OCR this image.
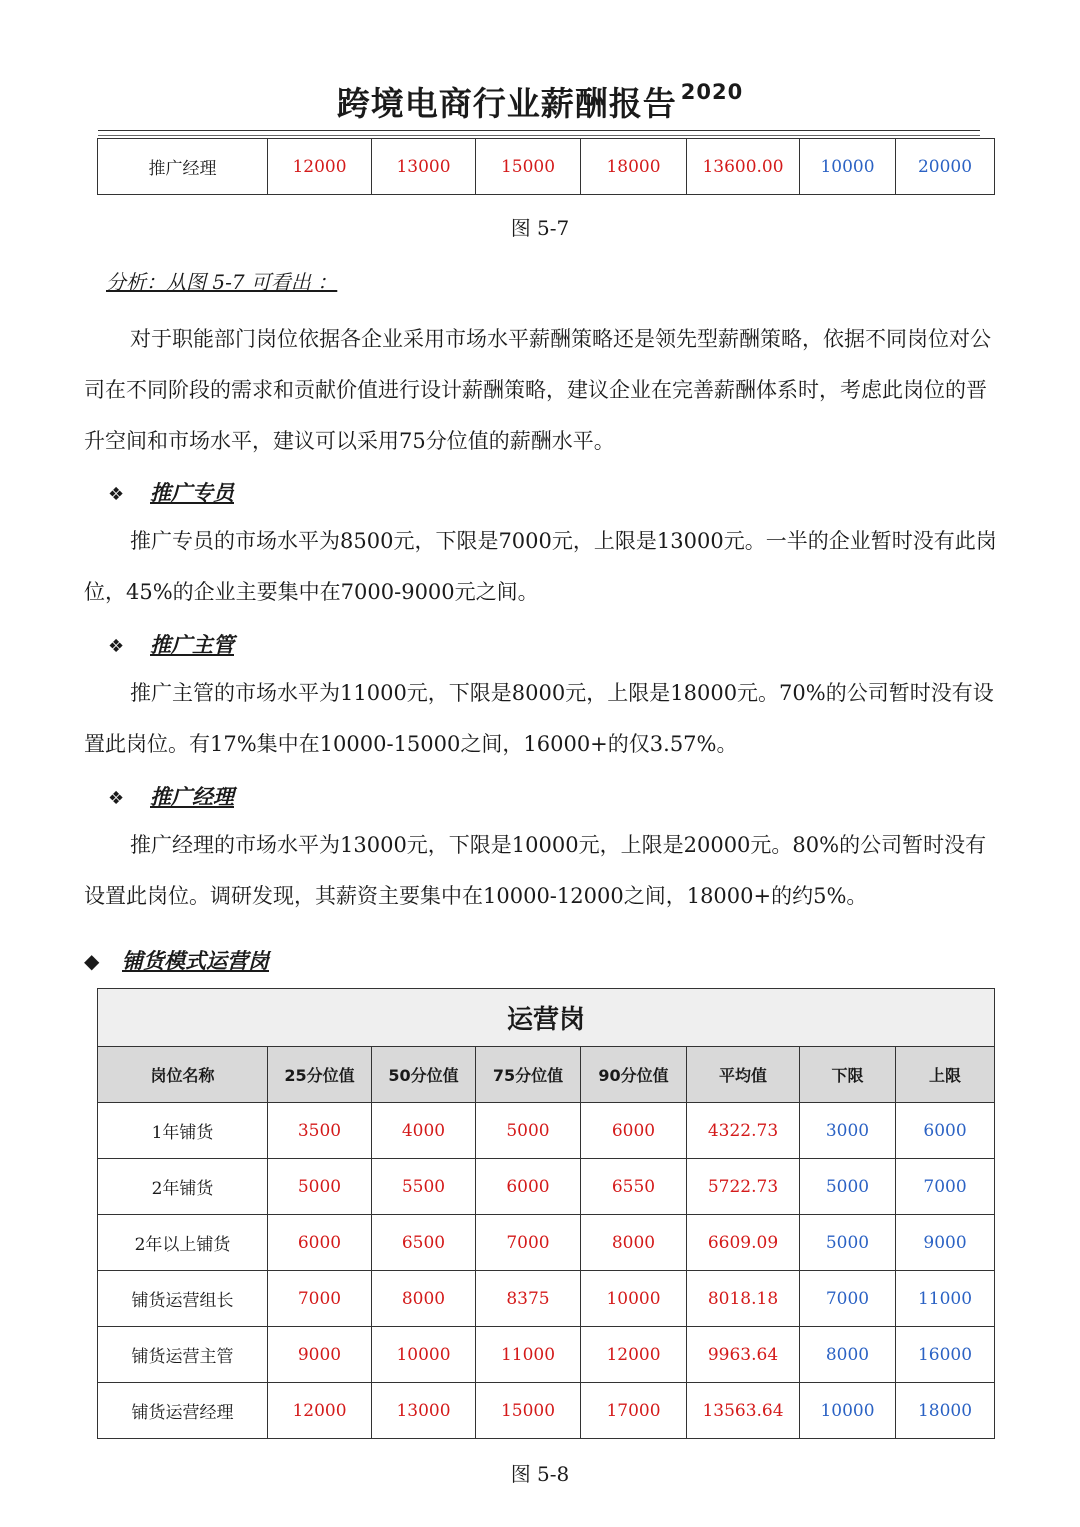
跨境电商行业薪酬报告 $^{2020}$
推广经理	12000	13000	15000	18000	13600.00	10000	20000
图 5-7
分析：从图 5-7 可看出 ：
对于职能部门岗位依据各企业采用市场水平薪酬策略还是领先型薪酬策略，依据不同岗位对公司在不同阶段的需求和贡献价值进行设计薪酬策略，建议企业在完善薪酬体系时，考虑此岗位的晋升空间和市场水平，建议可以采用75分位值的薪酬水平。
❖ 推广专员
推广专员的市场水平为8500元，下限是7000元，上限是13000元。一半的企业暂时没有此岗位，45%的企业主要集中在7000-9000元之间。
❖ 推广主管
推广主管的市场水平为11000元，下限是8000元，上限是18000元。70%的公司暂时没有设置此岗位。有17%集中在10000-15000之间，16000+的仅3.57%。
❖ 推广经理
推广经理的市场水平为13000元，下限是10000元，上限是20000元。80%的公司暂时没有设置此岗位。调研发现，其薪资主要集中在10000-12000之间，18000+的约5%。
◆ 铺货模式运营岗
运营岗							
岗位名称	25分位值	50分位值	75分位值	90分位值	平均值	下限	上限
1年铺货	3500	4000	5000	6000	4322.73	3000	6000
2年铺货	5000	5500	6000	6550	5722.73	5000	7000
2年以上铺货	6000	6500	7000	8000	6609.09	5000	9000
铺货运营组长	7000	8000	8375	10000	8018.18	7000	11000
铺货运营主管	9000	10000	11000	12000	9963.64	8000	16000
铺货运营经理	12000	13000	15000	17000	13563.64	10000	18000
图 5-8
